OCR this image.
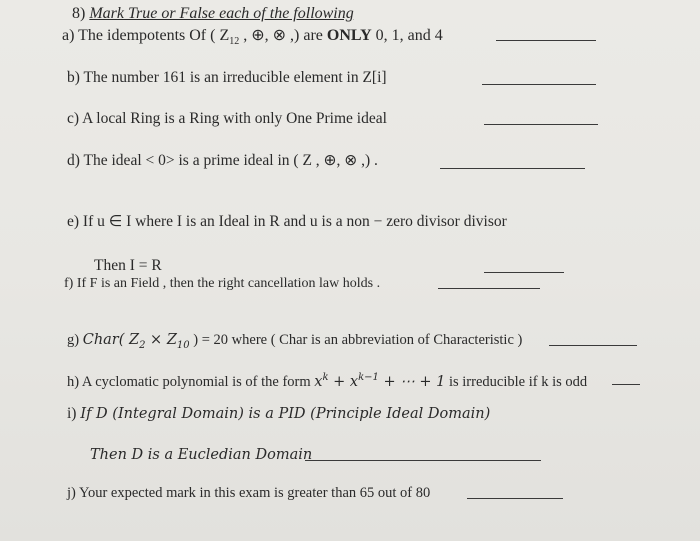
8) Mark True or False each of the following
a) The idempotents Of ( $Z_{12}$ , ⊕, ⊗ ,) are ONLY 0, 1, and 4
b) The number 161 is an irreducible element in Z[i]
c) A local Ring is a Ring with only One Prime ideal
d) The ideal < 0> is a prime ideal in ( Z , ⊕, ⊗ ,) .
e) If u ∈ I where I is an Ideal in R and u is a non − zero divisor divisor
Then I = R
f) If F is an Field , then the right cancellation law holds .
g) Char( $Z_2 \times Z_{10}$ ) = 20 where ( Char is an abbreviation of Characteristic )
h) A cyclomatic polynomial is of the form $x^k + x^{k-1}$ + ⋯ + 1 is irreducible if k is odd
i) If D (Integral Domain) is a PID (Principle Ideal Domain)
Then D is a Eucledian Domain
j) Your expected mark in this exam is greater than 65 out of 80
